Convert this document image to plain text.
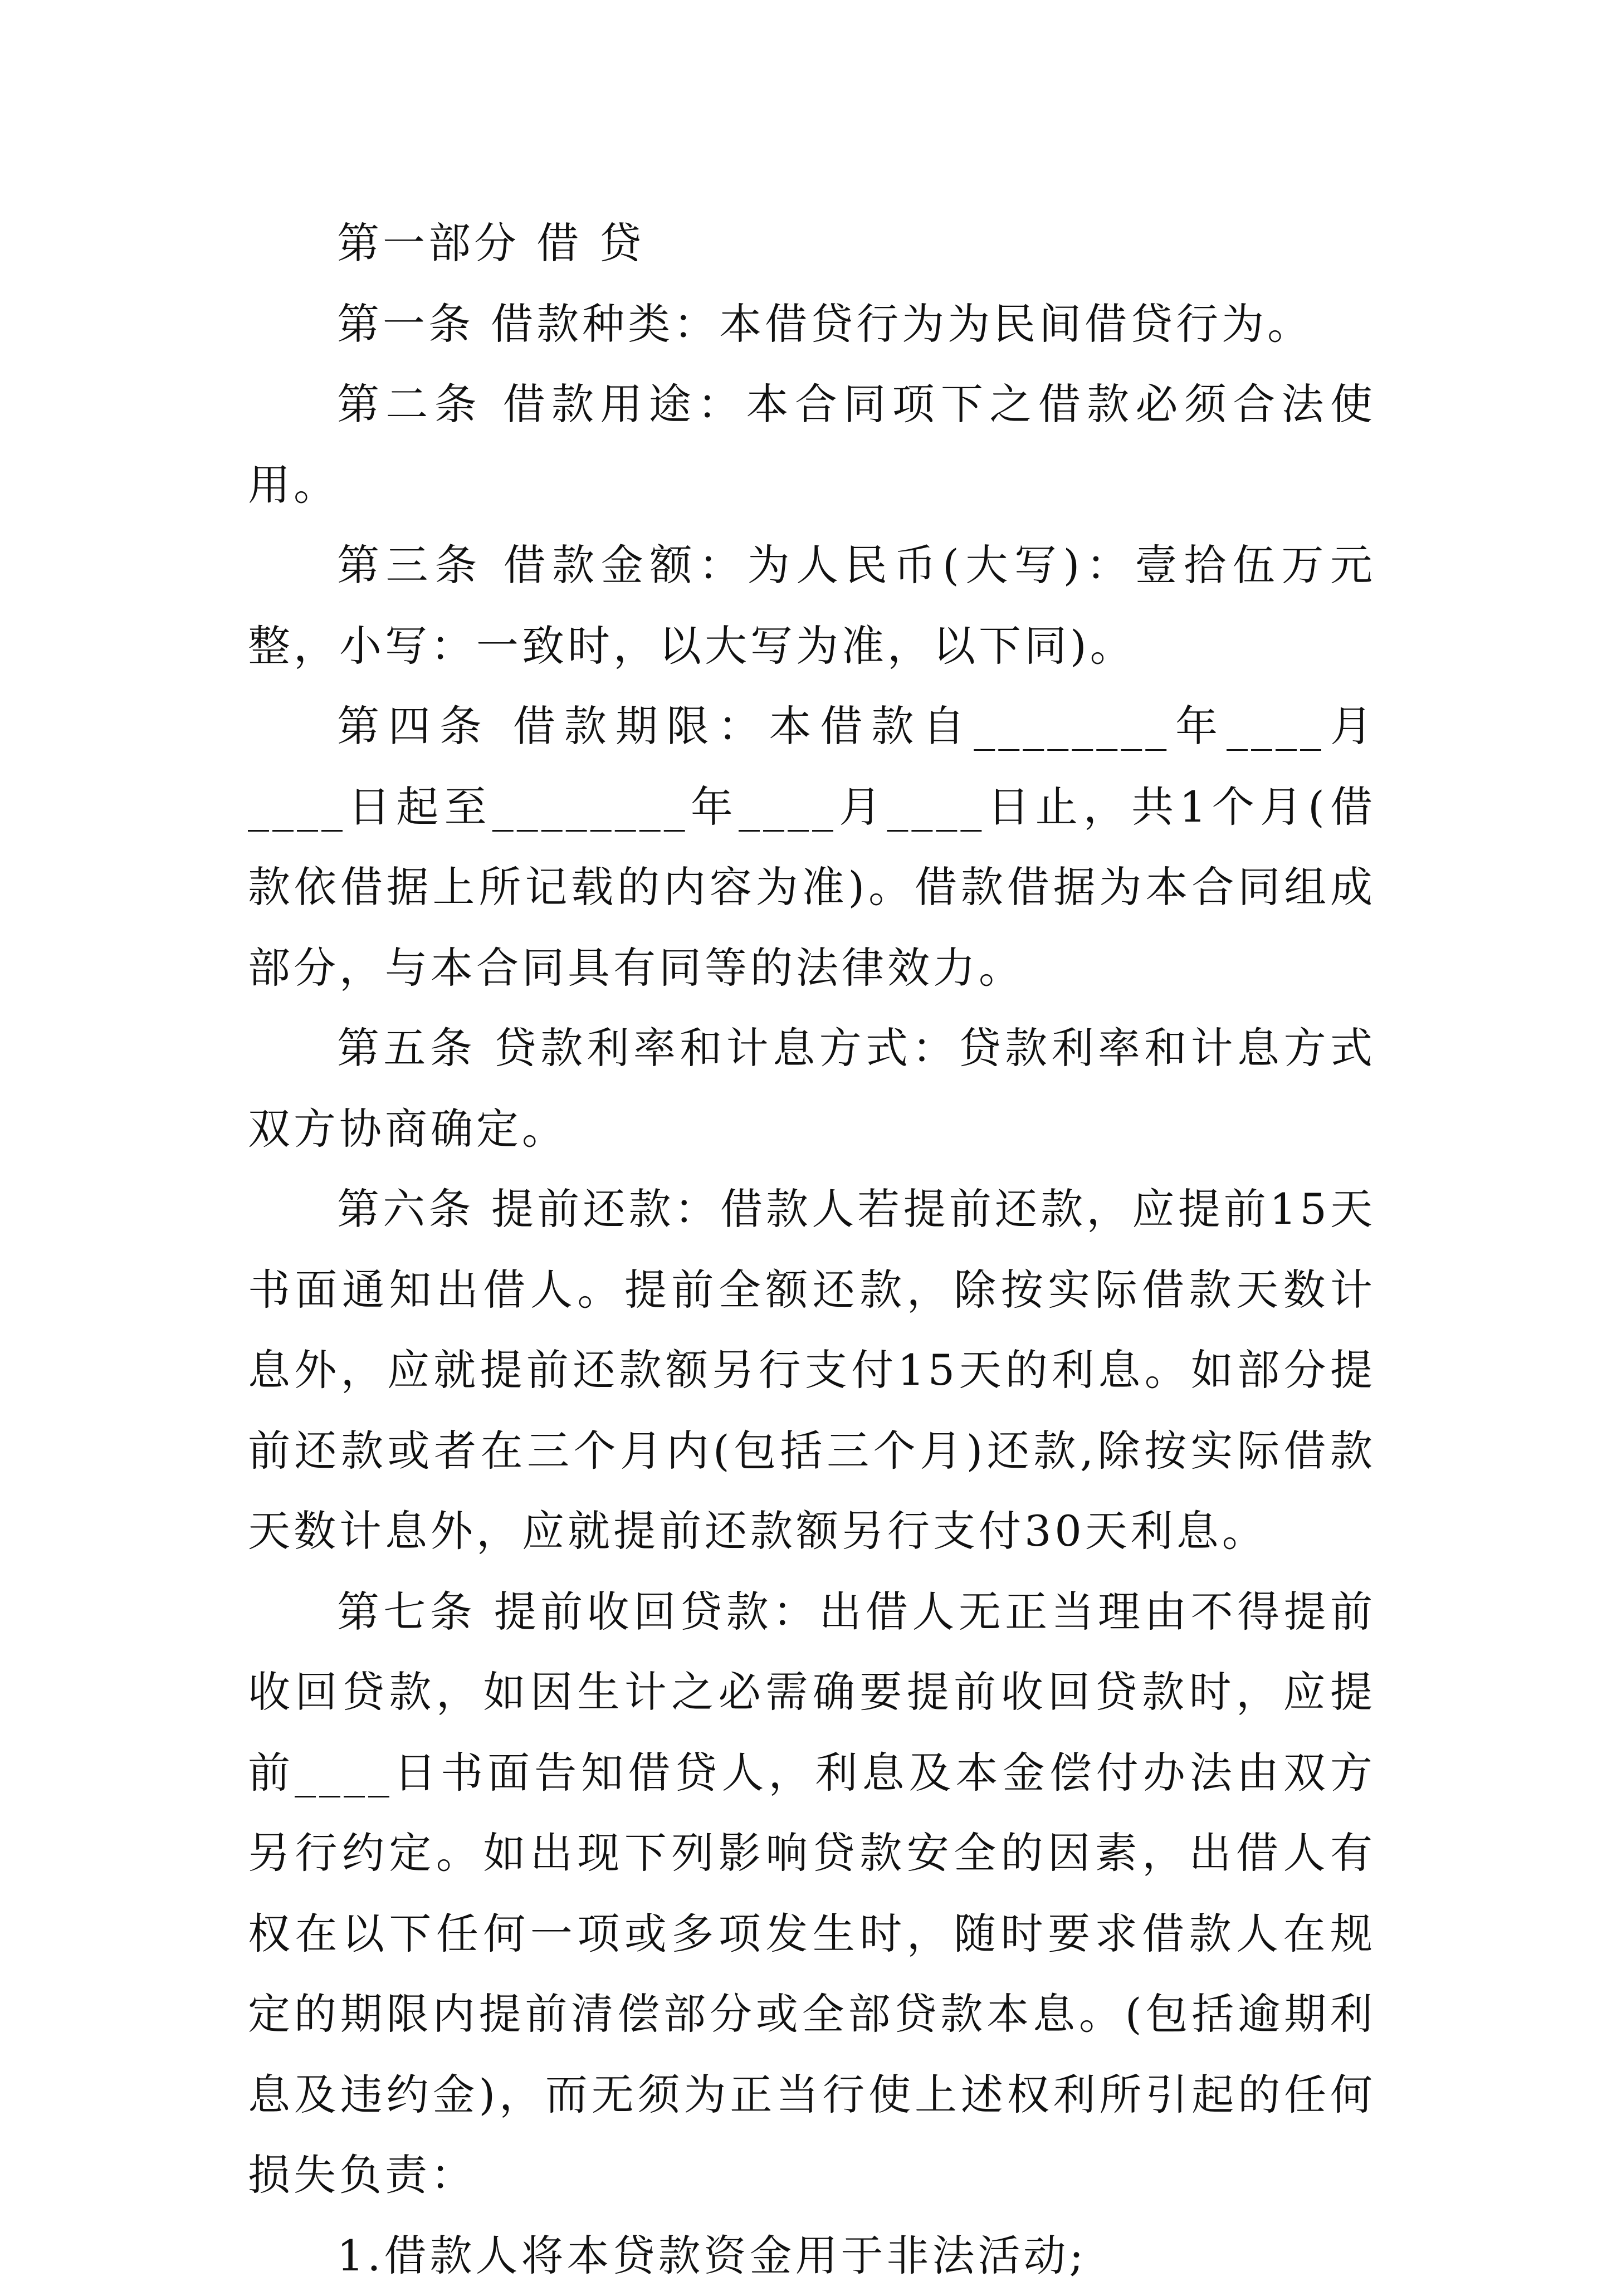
第一部分 借 贷

第一条 借款种类：本借贷行为为民间借贷行为。

第二条 借款用途：本合同项下之借款必须合法使用。

第三条 借款金额：为人民币(大写)：壹拾伍万元整，小写：一致时，以大写为准，以下同)。

第四条 借款期限：本借款自________年____月____日起至________年____月____日止，共1个月(借款依借据上所记载的内容为准)。借款借据为本合同组成部分，与本合同具有同等的法律效力。

第五条 贷款利率和计息方式：贷款利率和计息方式双方协商确定。

第六条 提前还款：借款人若提前还款，应提前15天书面通知出借人。提前全额还款，除按实际借款天数计息外，应就提前还款额另行支付15天的利息。如部分提前还款或者在三个月内(包括三个月)还款,除按实际借款天数计息外，应就提前还款额另行支付30天利息。

第七条 提前收回贷款：出借人无正当理由不得提前收回贷款，如因生计之必需确要提前收回贷款时，应提前____日书面告知借贷人，利息及本金偿付办法由双方另行约定。如出现下列影响贷款安全的因素，出借人有权在以下任何一项或多项发生时，随时要求借款人在规定的期限内提前清偿部分或全部贷款本息。(包括逾期利息及违约金)，而无须为正当行使上述权利所引起的任何损失负责：

1.借款人将本贷款资金用于非法活动;
